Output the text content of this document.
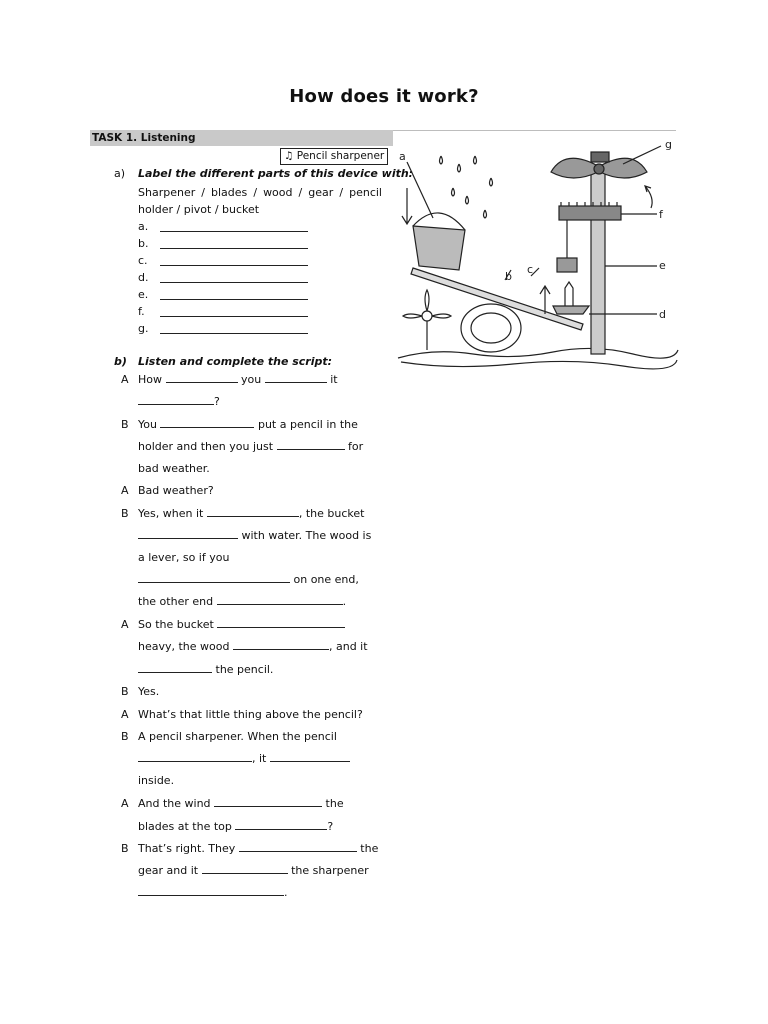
How does it work?
TASK 1. Listening
♫ Pencil sharpener
a) Label the different parts of this device with:
Sharpener / blades / wood / gear / pencil
holder / pivot / bucket
a.
b.
c.
d.
e.
f.
g.
b) Listen and complete the script:
A How	you	it
?
B You	put a pencil in the
holder and then you just	for
bad weather.
A Bad weather?
B Yes, when it	, the bucket
with water. The wood is
a lever, so if you
on one end,
the other end	.
A So the bucket
heavy, the wood	, and it
the pencil.
B Yes.
A What’s that little thing above the pencil?
B A pencil sharpener. When the pencil
, it
inside.
A And the wind	the
blades at the top	?
B That’s right. They	the
gear and it	the sharpener
.
a
b
c
d
e
f
g
